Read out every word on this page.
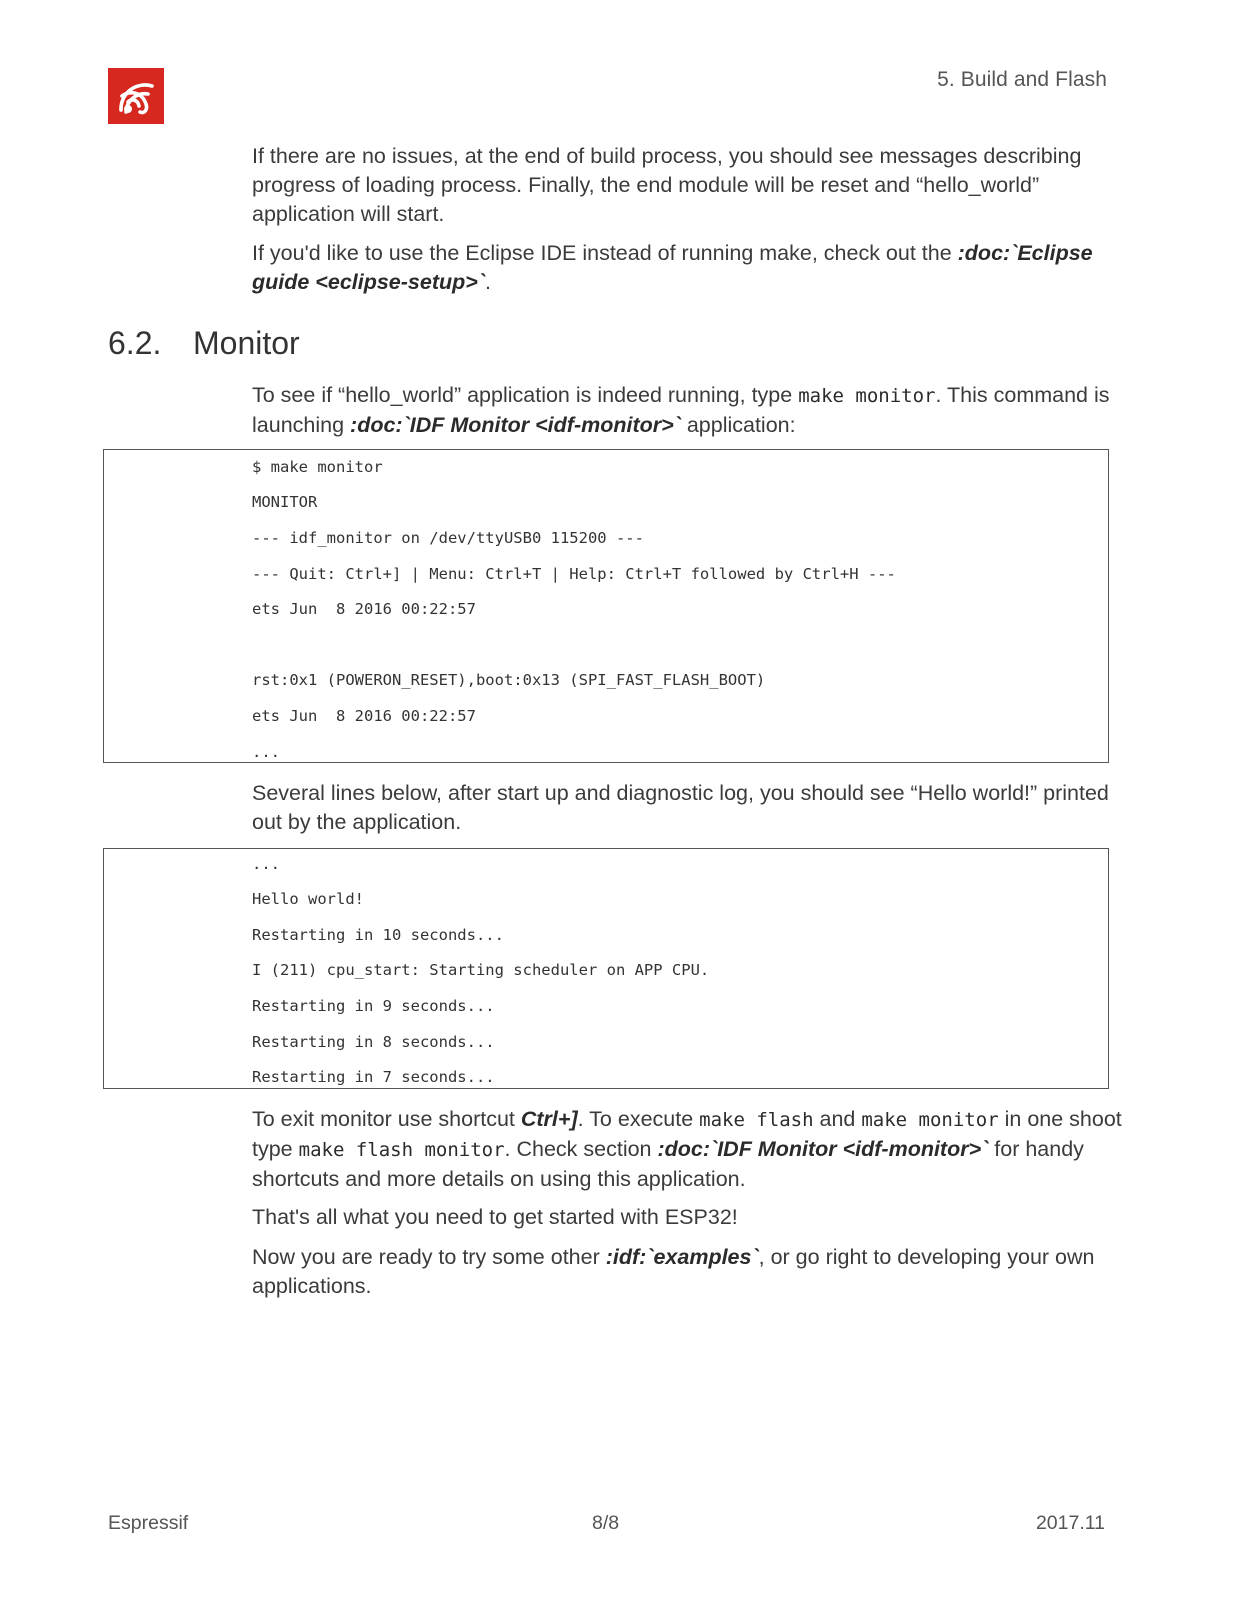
5. Build and Flash

If there are no issues, at the end of build process, you should see messages describing progress of loading process. Finally, the end module will be reset and “hello_world” application will start.

If you'd like to use the Eclipse IDE instead of running make, check out the :doc:`Eclipse guide <eclipse-setup>`.

6.2. Monitor

To see if “hello_world” application is indeed running, type make monitor. This command is launching :doc:`IDF Monitor <idf-monitor>` application:

$ make monitor
MONITOR
--- idf_monitor on /dev/ttyUSB0 115200 ---
--- Quit: Ctrl+] | Menu: Ctrl+T | Help: Ctrl+T followed by Ctrl+H ---
ets Jun  8 2016 00:22:57
rst:0x1 (POWERON_RESET),boot:0x13 (SPI_FAST_FLASH_BOOT)
ets Jun  8 2016 00:22:57
...

Several lines below, after start up and diagnostic log, you should see “Hello world!” printed out by the application.

...
Hello world!
Restarting in 10 seconds...
I (211) cpu_start: Starting scheduler on APP CPU.
Restarting in 9 seconds...
Restarting in 8 seconds...
Restarting in 7 seconds...

To exit monitor use shortcut Ctrl+]. To execute make flash and make monitor in one shoot type make flash monitor. Check section :doc:`IDF Monitor <idf-monitor>` for handy shortcuts and more details on using this application.

That's all what you need to get started with ESP32!

Now you are ready to try some other :idf:`examples`, or go right to developing your own applications.

Espressif	8/8	2017.11
